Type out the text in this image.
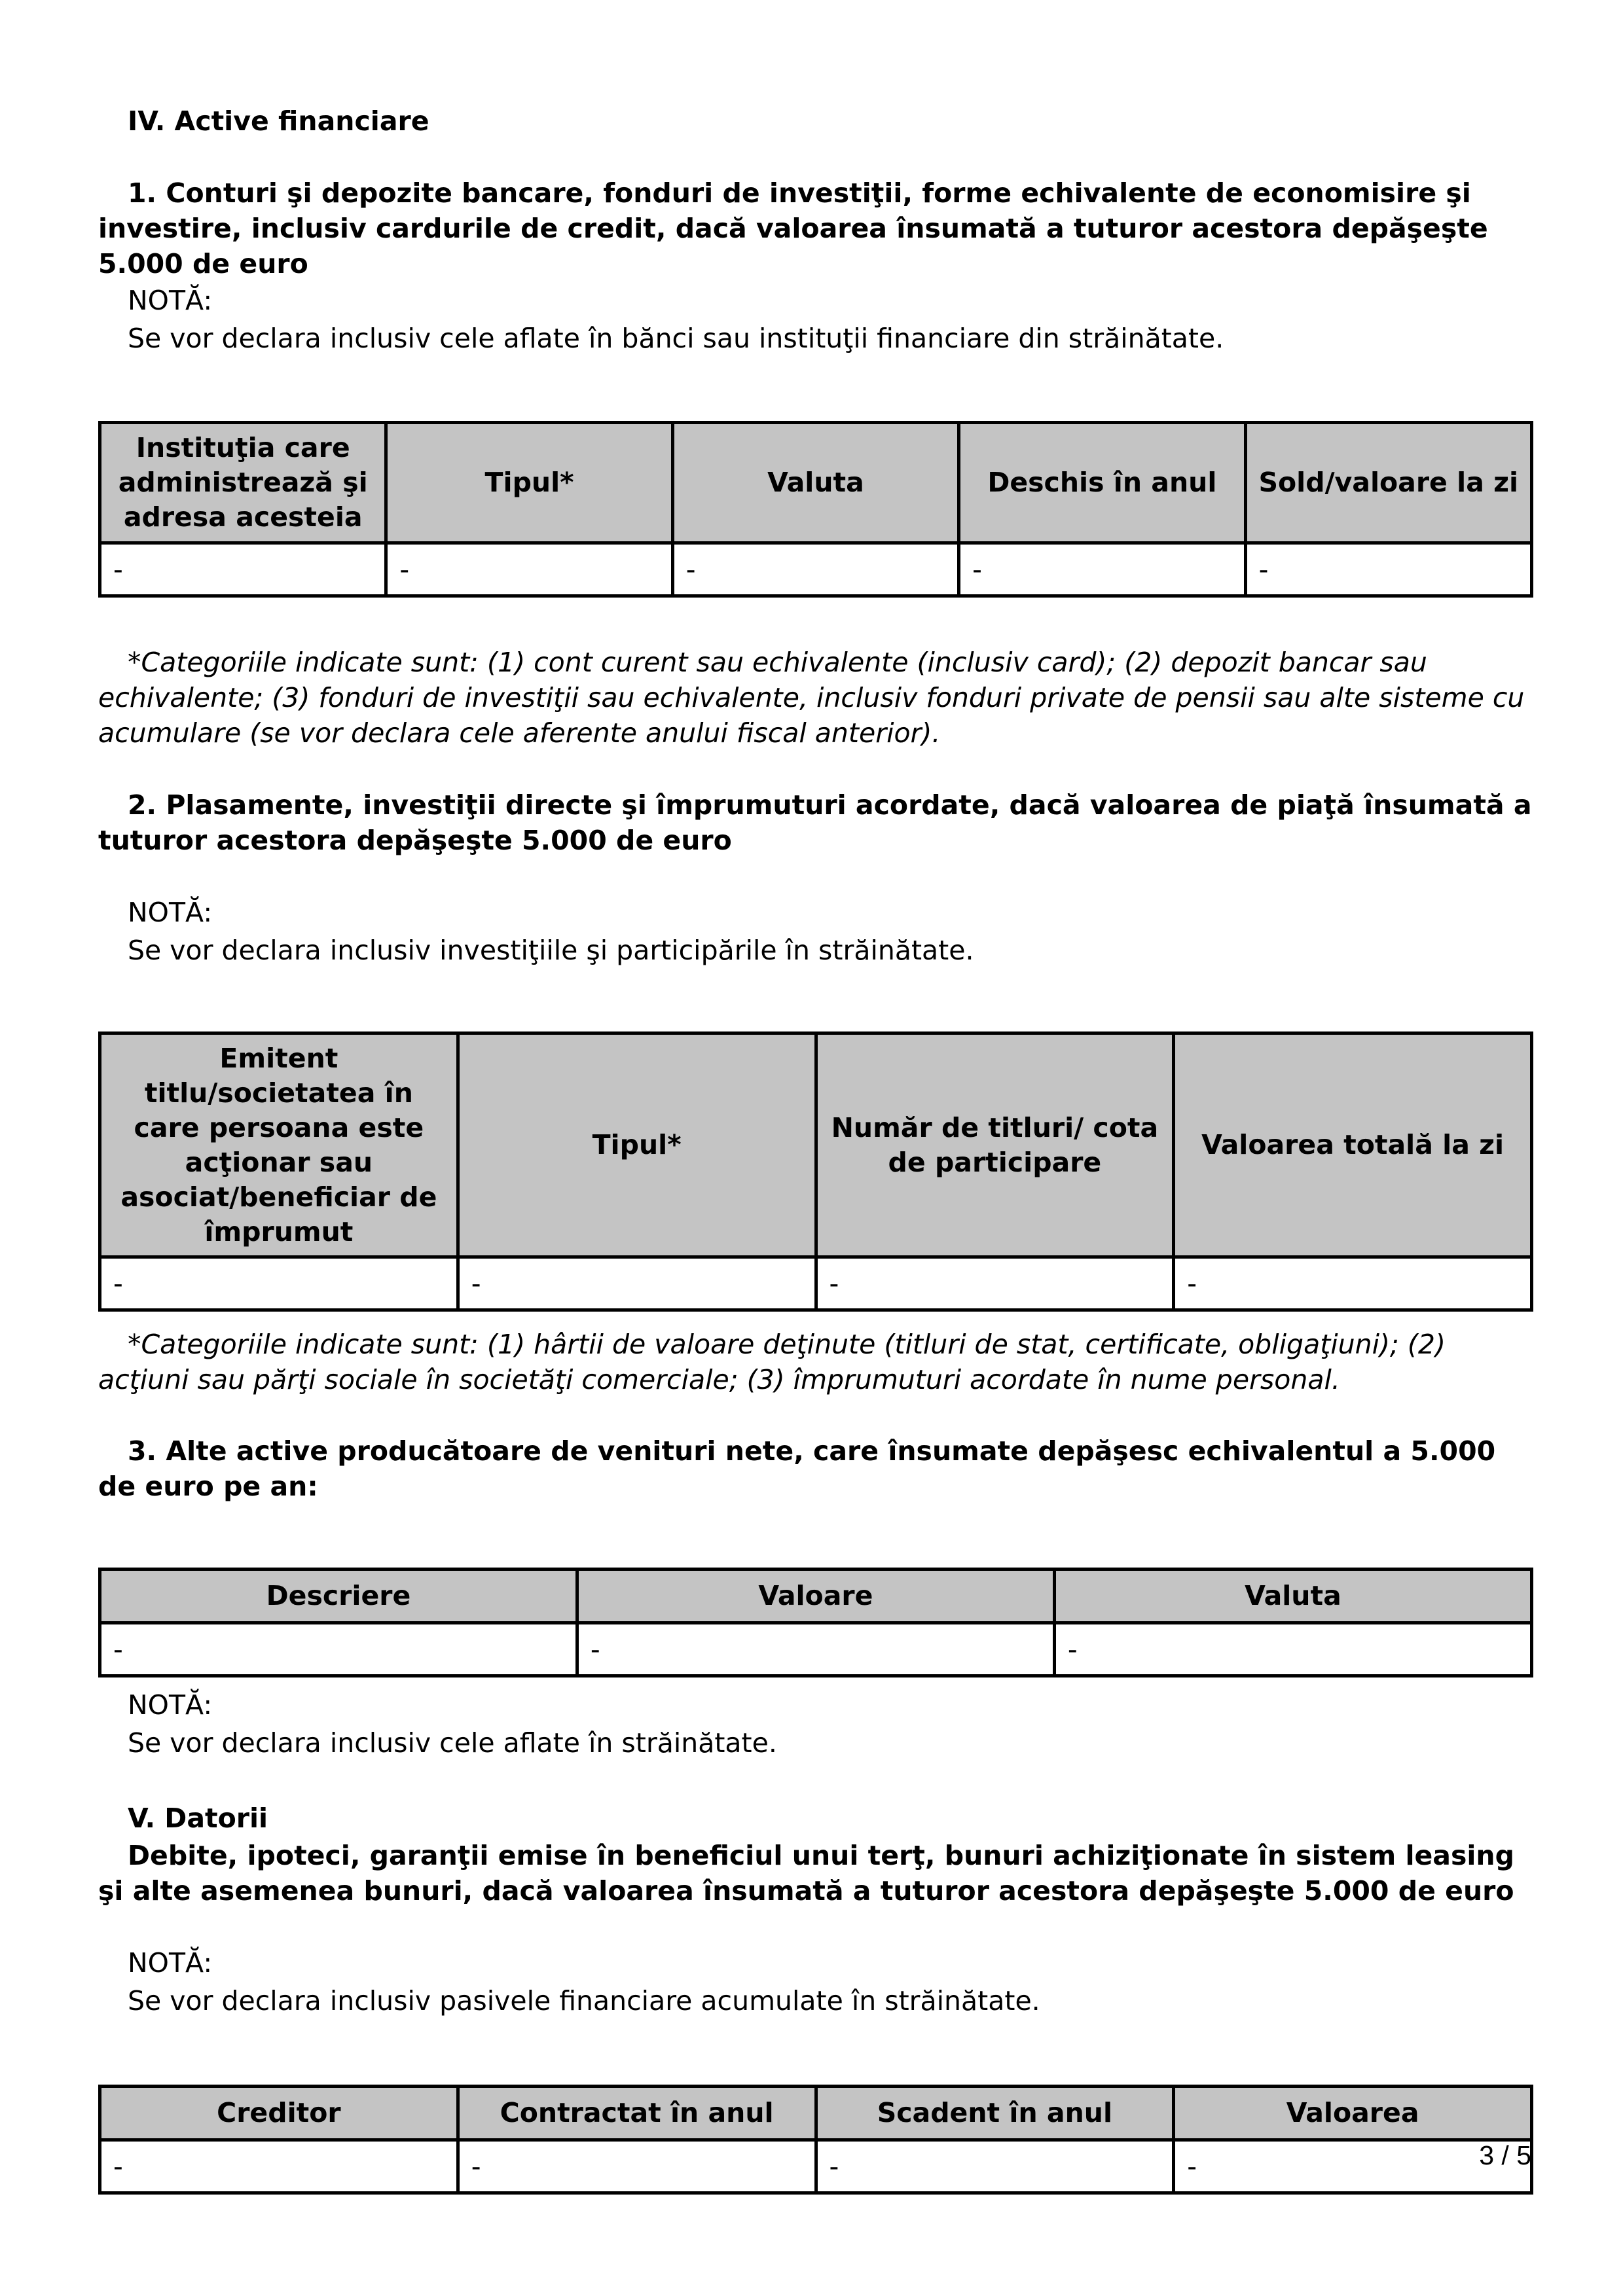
IV. Active financiare

1. Conturi şi depozite bancare, fonduri de investiţii, forme echivalente de economisire şi investire, inclusiv cardurile de credit, dacă valoarea însumată a tuturor acestora depăşeşte 5.000 de euro

NOTĂ:

Se vor declara inclusiv cele aflate în bănci sau instituţii financiare din străinătate.

Instituţia care administrează şi adresa acesteia	Tipul*	Valuta	Deschis în anul	Sold/valoare la zi
-	-	-	-	-

*Categoriile indicate sunt: (1) cont curent sau echivalente (inclusiv card); (2) depozit bancar sau echivalente; (3) fonduri de investiţii sau echivalente, inclusiv fonduri private de pensii sau alte sisteme cu acumulare (se vor declara cele aferente anului fiscal anterior).

2. Plasamente, investiţii directe şi împrumuturi acordate, dacă valoarea de piaţă însumată a tuturor acestora depăşeşte 5.000 de euro

NOTĂ:

Se vor declara inclusiv investiţiile şi participările în străinătate.

Emitent titlu/societatea în care persoana este acţionar sau asociat/beneficiar de împrumut	Tipul*	Număr de titluri/ cota de participare	Valoarea totală la zi
-	-	-	-

*Categoriile indicate sunt: (1) hârtii de valoare deţinute (titluri de stat, certificate, obligaţiuni); (2) acţiuni sau părţi sociale în societăţi comerciale; (3) împrumuturi acordate în nume personal.

3. Alte active producătoare de venituri nete, care însumate depăşesc echivalentul a 5.000 de euro pe an:

Descriere	Valoare	Valuta
-	-	-

NOTĂ:

Se vor declara inclusiv cele aflate în străinătate.

V. Datorii

Debite, ipoteci, garanţii emise în beneficiul unui terţ, bunuri achiziţionate în sistem leasing şi alte asemenea bunuri, dacă valoarea însumată a tuturor acestora depăşeşte 5.000 de euro

NOTĂ:

Se vor declara inclusiv pasivele financiare acumulate în străinătate.

Creditor	Contractat în anul	Scadent în anul	Valoarea
-	-	-	-	3 / 5
